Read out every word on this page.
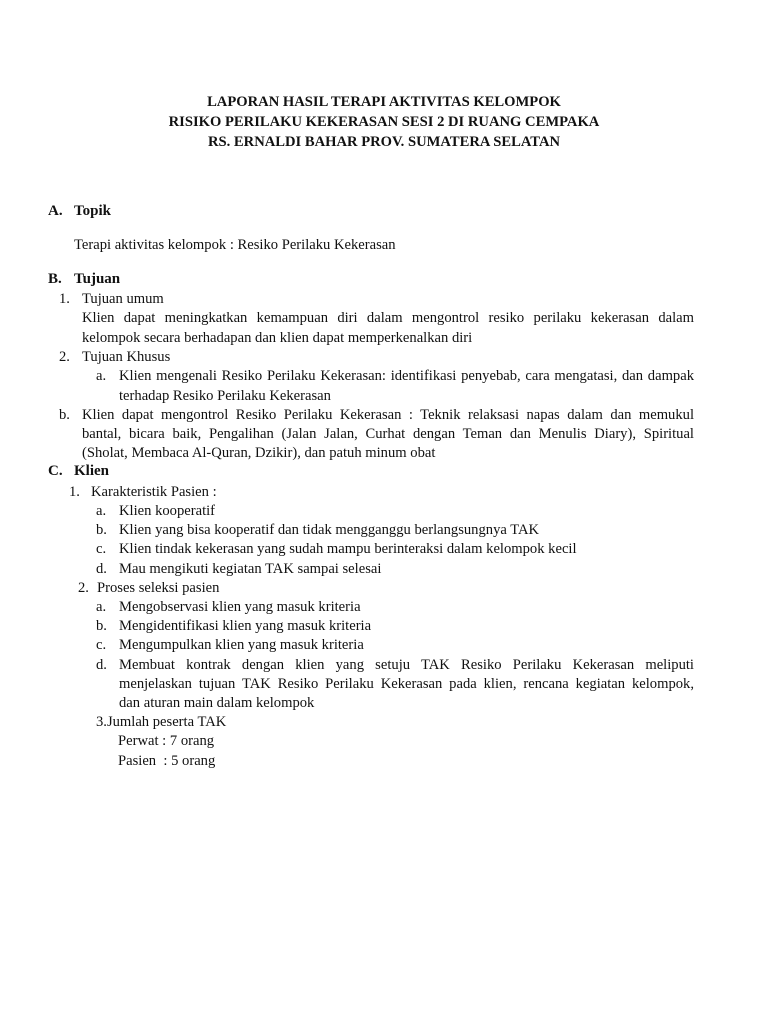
LAPORAN HASIL TERAPI AKTIVITAS KELOMPOK
RISIKO PERILAKU KEKERASAN SESI 2 DI RUANG CEMPAKA
RS. ERNALDI BAHAR PROV. SUMATERA SELATAN
A. Topik
Terapi aktivitas kelompok : Resiko Perilaku Kekerasan
B. Tujuan
1. Tujuan umum
Klien dapat meningkatkan kemampuan diri dalam mengontrol resiko perilaku kekerasan dalam
kelompok secara berhadapan dan klien dapat memperkenalkan diri
2. Tujuan Khusus
a. Klien mengenali Resiko Perilaku Kekerasan: identifikasi penyebab, cara mengatasi, dan dampak
terhadap Resiko Perilaku Kekerasan
b. Klien dapat mengontrol Resiko Perilaku Kekerasan : Teknik relaksasi napas dalam dan memukul
bantal, bicara baik, Pengalihan (Jalan Jalan, Curhat dengan Teman dan Menulis Diary), Spiritual
(Sholat, Membaca Al-Quran, Dzikir), dan patuh minum obat
C. Klien
1. Karakteristik Pasien :
a. Klien kooperatif
b. Klien yang bisa kooperatif dan tidak mengganggu berlangsungnya TAK
c. Klien tindak kekerasan yang sudah mampu berinteraksi dalam kelompok kecil
d. Mau mengikuti kegiatan TAK sampai selesai
2. Proses seleksi pasien
a. Mengobservasi klien yang masuk kriteria
b. Mengidentifikasi klien yang masuk kriteria
c. Mengumpulkan klien yang masuk kriteria
d. Membuat kontrak dengan klien yang setuju TAK Resiko Perilaku Kekerasan meliputi
menjelaskan tujuan TAK Resiko Perilaku Kekerasan pada klien, rencana kegiatan kelompok,
dan aturan main dalam kelompok
3.Jumlah peserta TAK
Perwat : 7 orang
Pasien  : 5 orang
